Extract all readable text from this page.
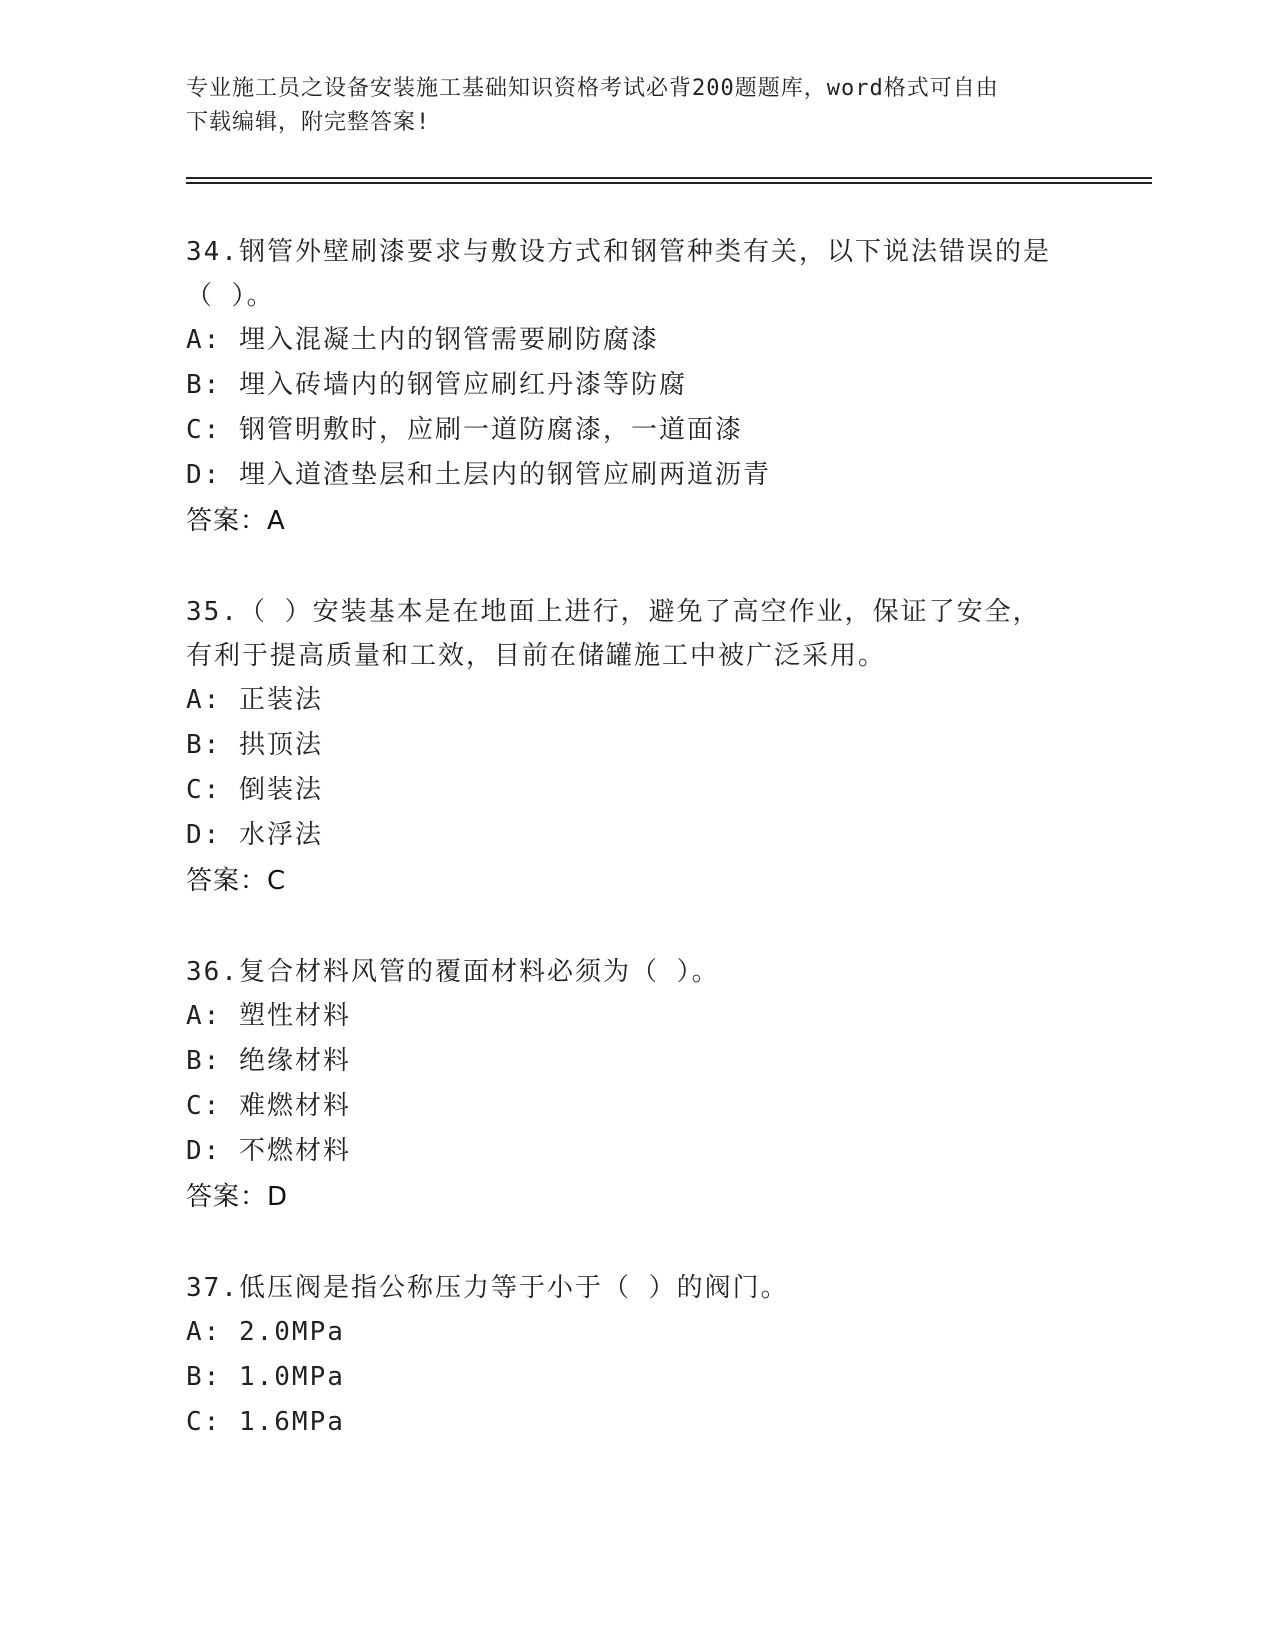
专业施工员之设备安装施工基础知识资格考试必背200题题库，word格式可自由
下载编辑，附完整答案!
34.钢管外壁刷漆要求与敷设方式和钢管种类有关，以下说法错误的是
（ ）。
A: 埋入混凝土内的钢管需要刷防腐漆
B: 埋入砖墙内的钢管应刷红丹漆等防腐
C: 钢管明敷时，应刷一道防腐漆，一道面漆
D: 埋入道渣垫层和土层内的钢管应刷两道沥青
答案：A
35.（ ）安装基本是在地面上进行，避免了高空作业，保证了安全，
有利于提高质量和工效，目前在储罐施工中被广泛采用。
A: 正装法
B: 拱顶法
C: 倒装法
D: 水浮法
答案：C
36.复合材料风管的覆面材料必须为（ ）。
A: 塑性材料
B: 绝缘材料
C: 难燃材料
D: 不燃材料
答案：D
37.低压阀是指公称压力等于小于（ ）的阀门。
A: 2.0MPa
B: 1.0MPa
C: 1.6MPa
